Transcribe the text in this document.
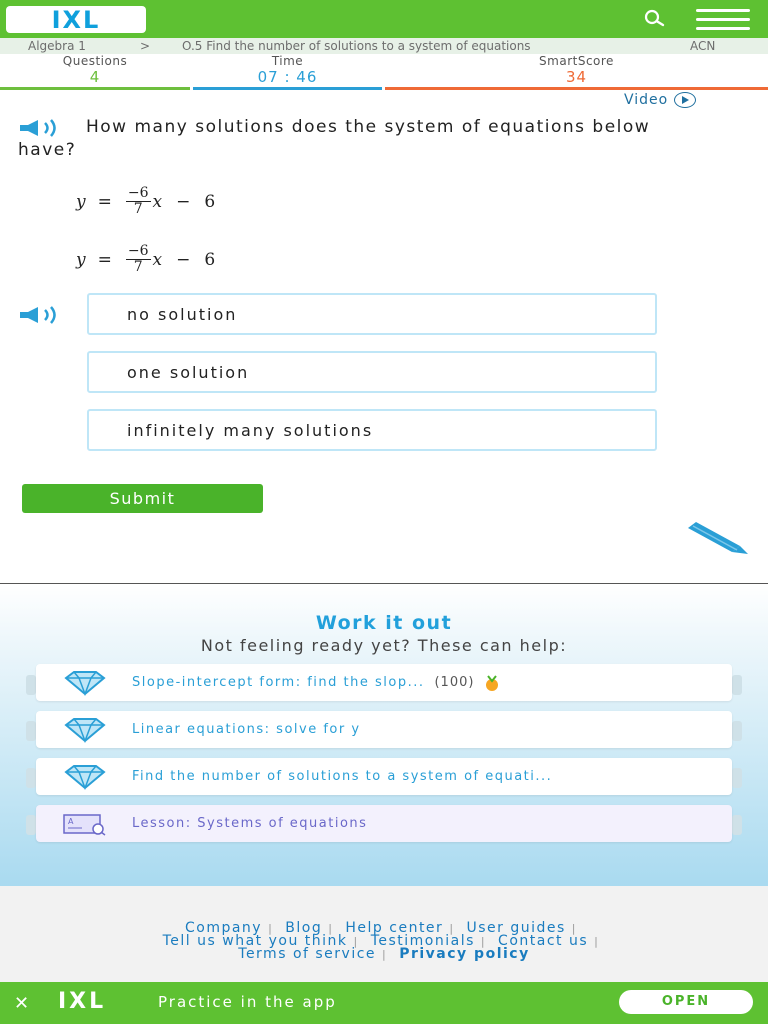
IXL
Algebra 1	>	O.5 Find the number of solutions to a system of equations	ACN
Questions
4
Time
07 : 46
SmartScore
34
Video
How many solutions does the system of equations below have?
$y = \frac{-6}{7}$ x − 6
$y = \frac{-6}{7}$ x − 6
no solution
one solution
infinitely many solutions
Submit
Work it out
Not feeling ready yet? These can help:
Slope-intercept form: find the slop... (100)
Linear equations: solve for y
Find the number of solutions to a system of equati...
A	Lesson: Systems of equations
Company | Blog | Help center | User guides |
Tell us what you think | Testimonials | Contact us |
Terms of service | Privacy policy
✕ IXL	Practice in the app	OPEN
